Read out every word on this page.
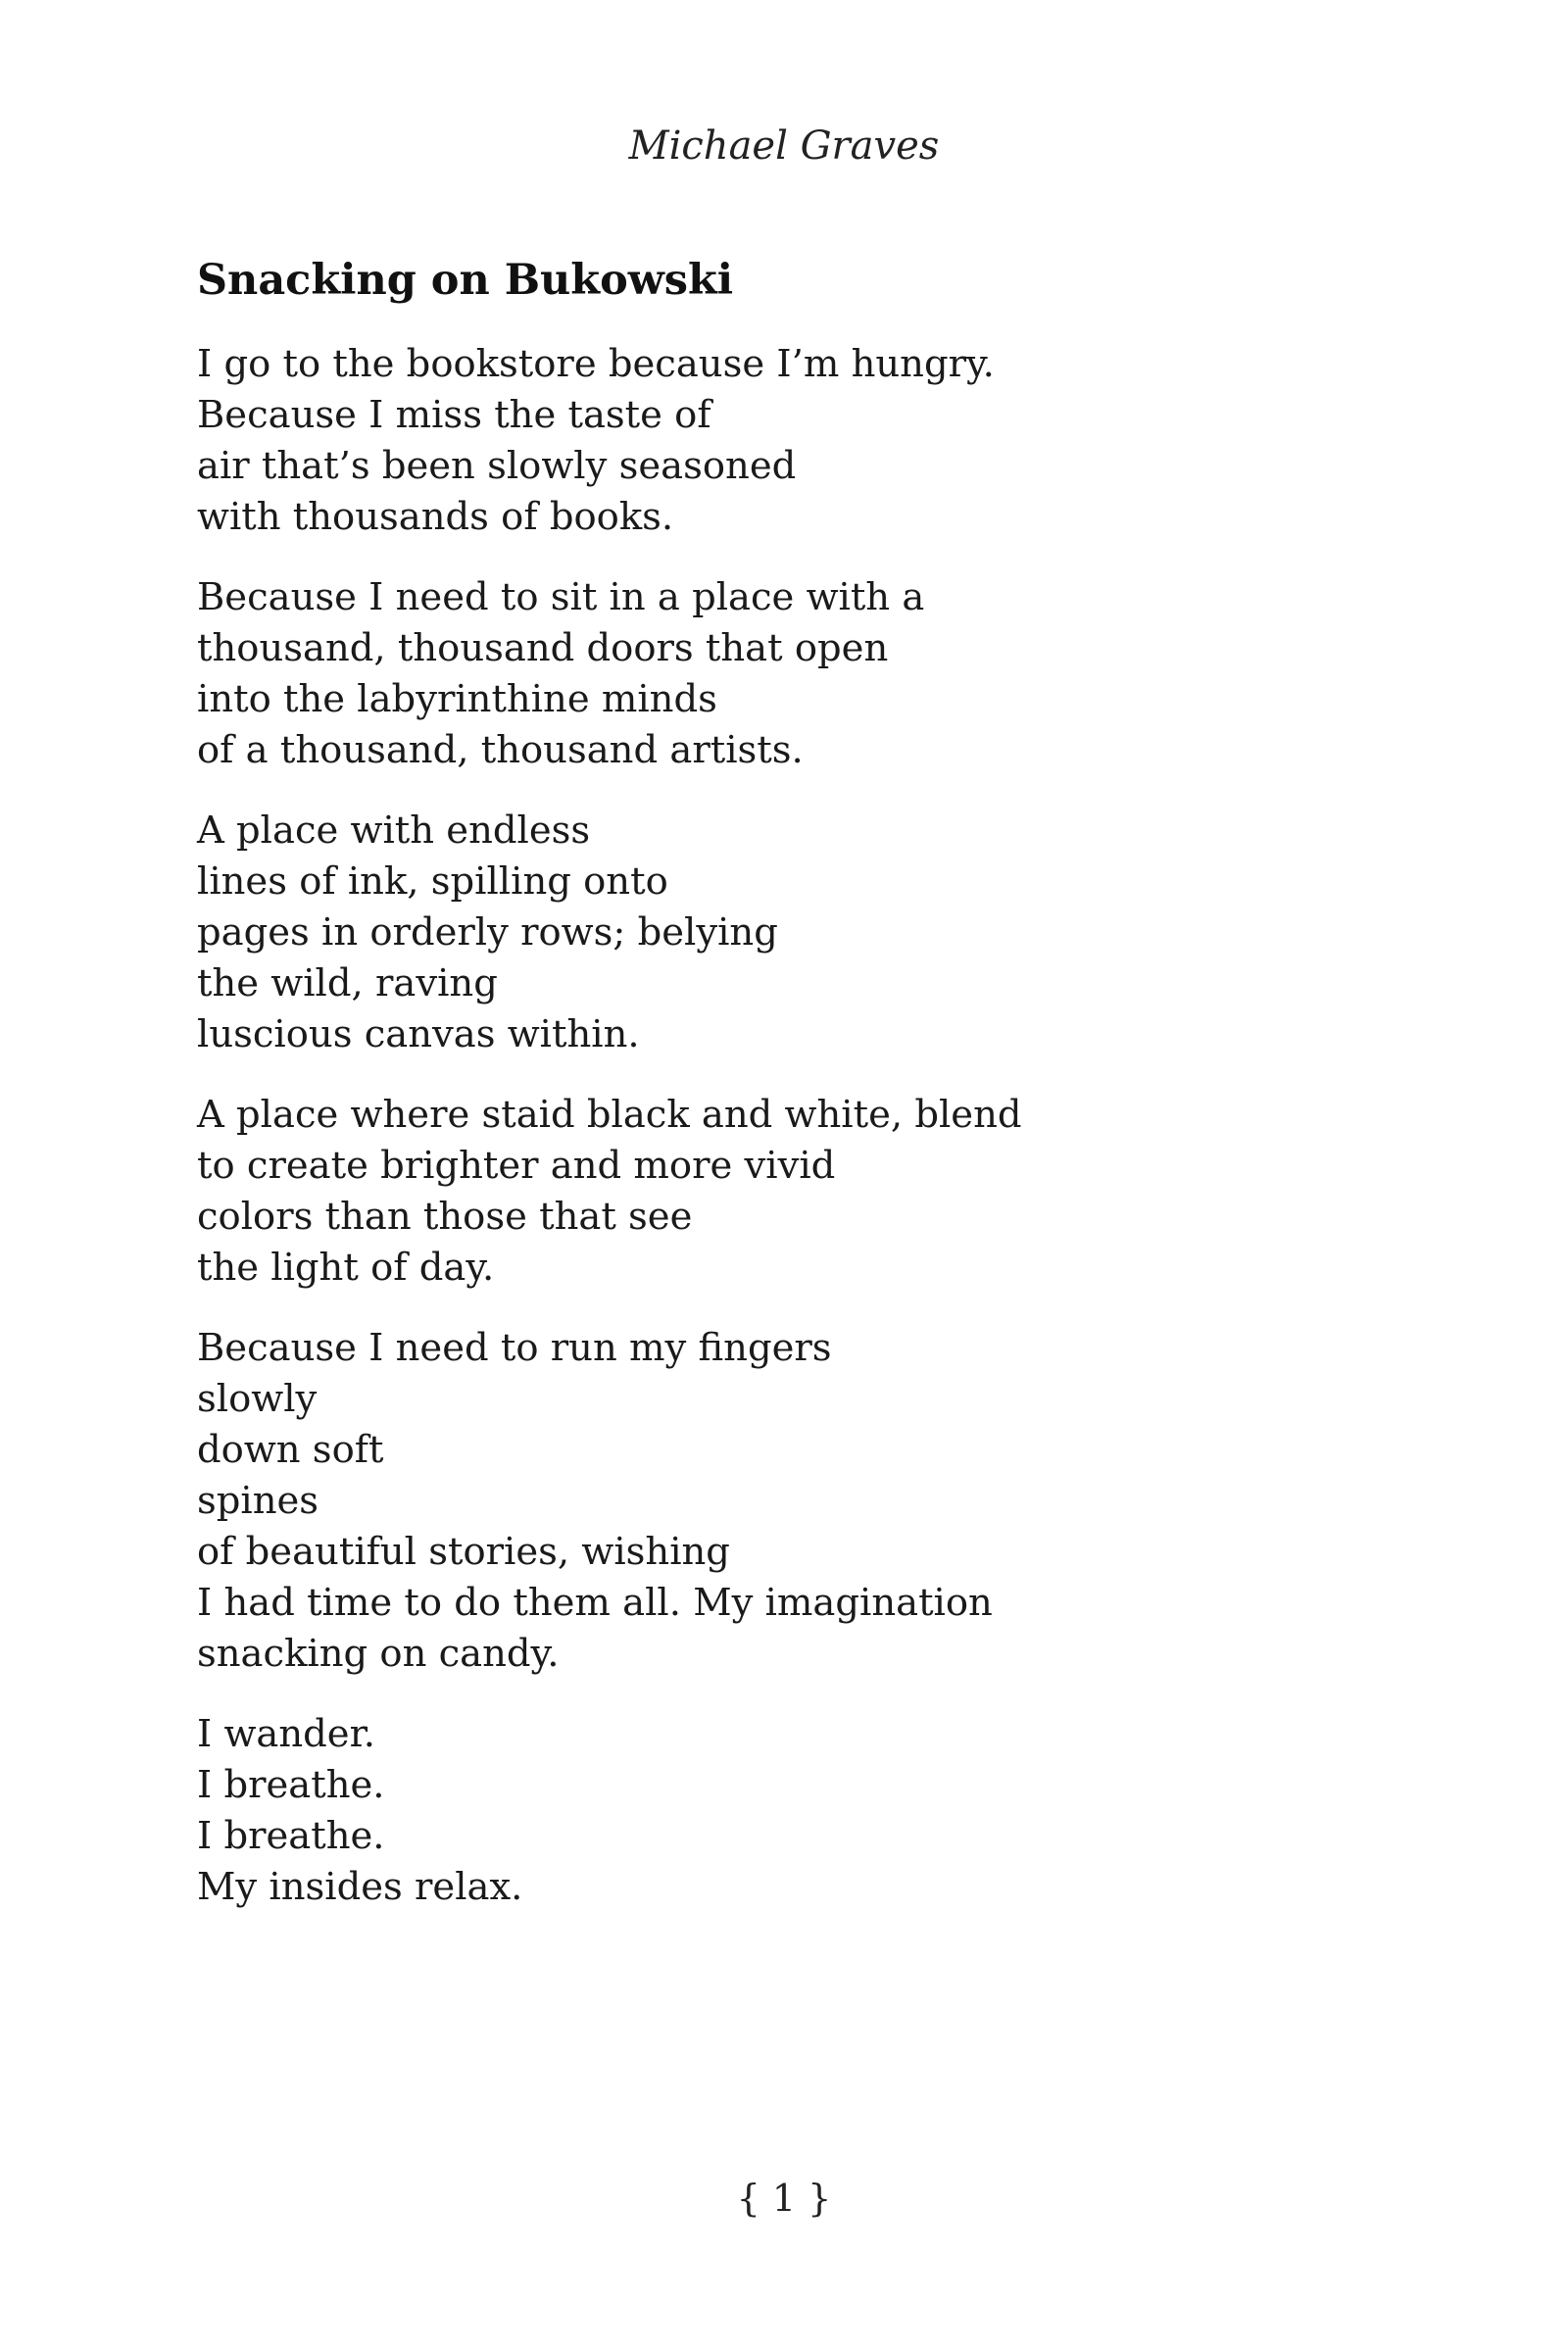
Michael Graves
Snacking on Bukowski
I go to the bookstore because I’m hungry.
Because I miss the taste of
air that’s been slowly seasoned
with thousands of books.
Because I need to sit in a place with a
thousand, thousand doors that open
into the labyrinthine minds
of a thousand, thousand artists.
A place with endless
lines of ink, spilling onto
pages in orderly rows; belying
the wild, raving
luscious canvas within.
A place where staid black and white, blend
to create brighter and more vivid
colors than those that see
the light of day.
Because I need to run my fingers
slowly
down soft
spines
of beautiful stories, wishing
I had time to do them all. My imagination
snacking on candy.
I wander.
I breathe.
I breathe.
My insides relax.
{ 1 }
